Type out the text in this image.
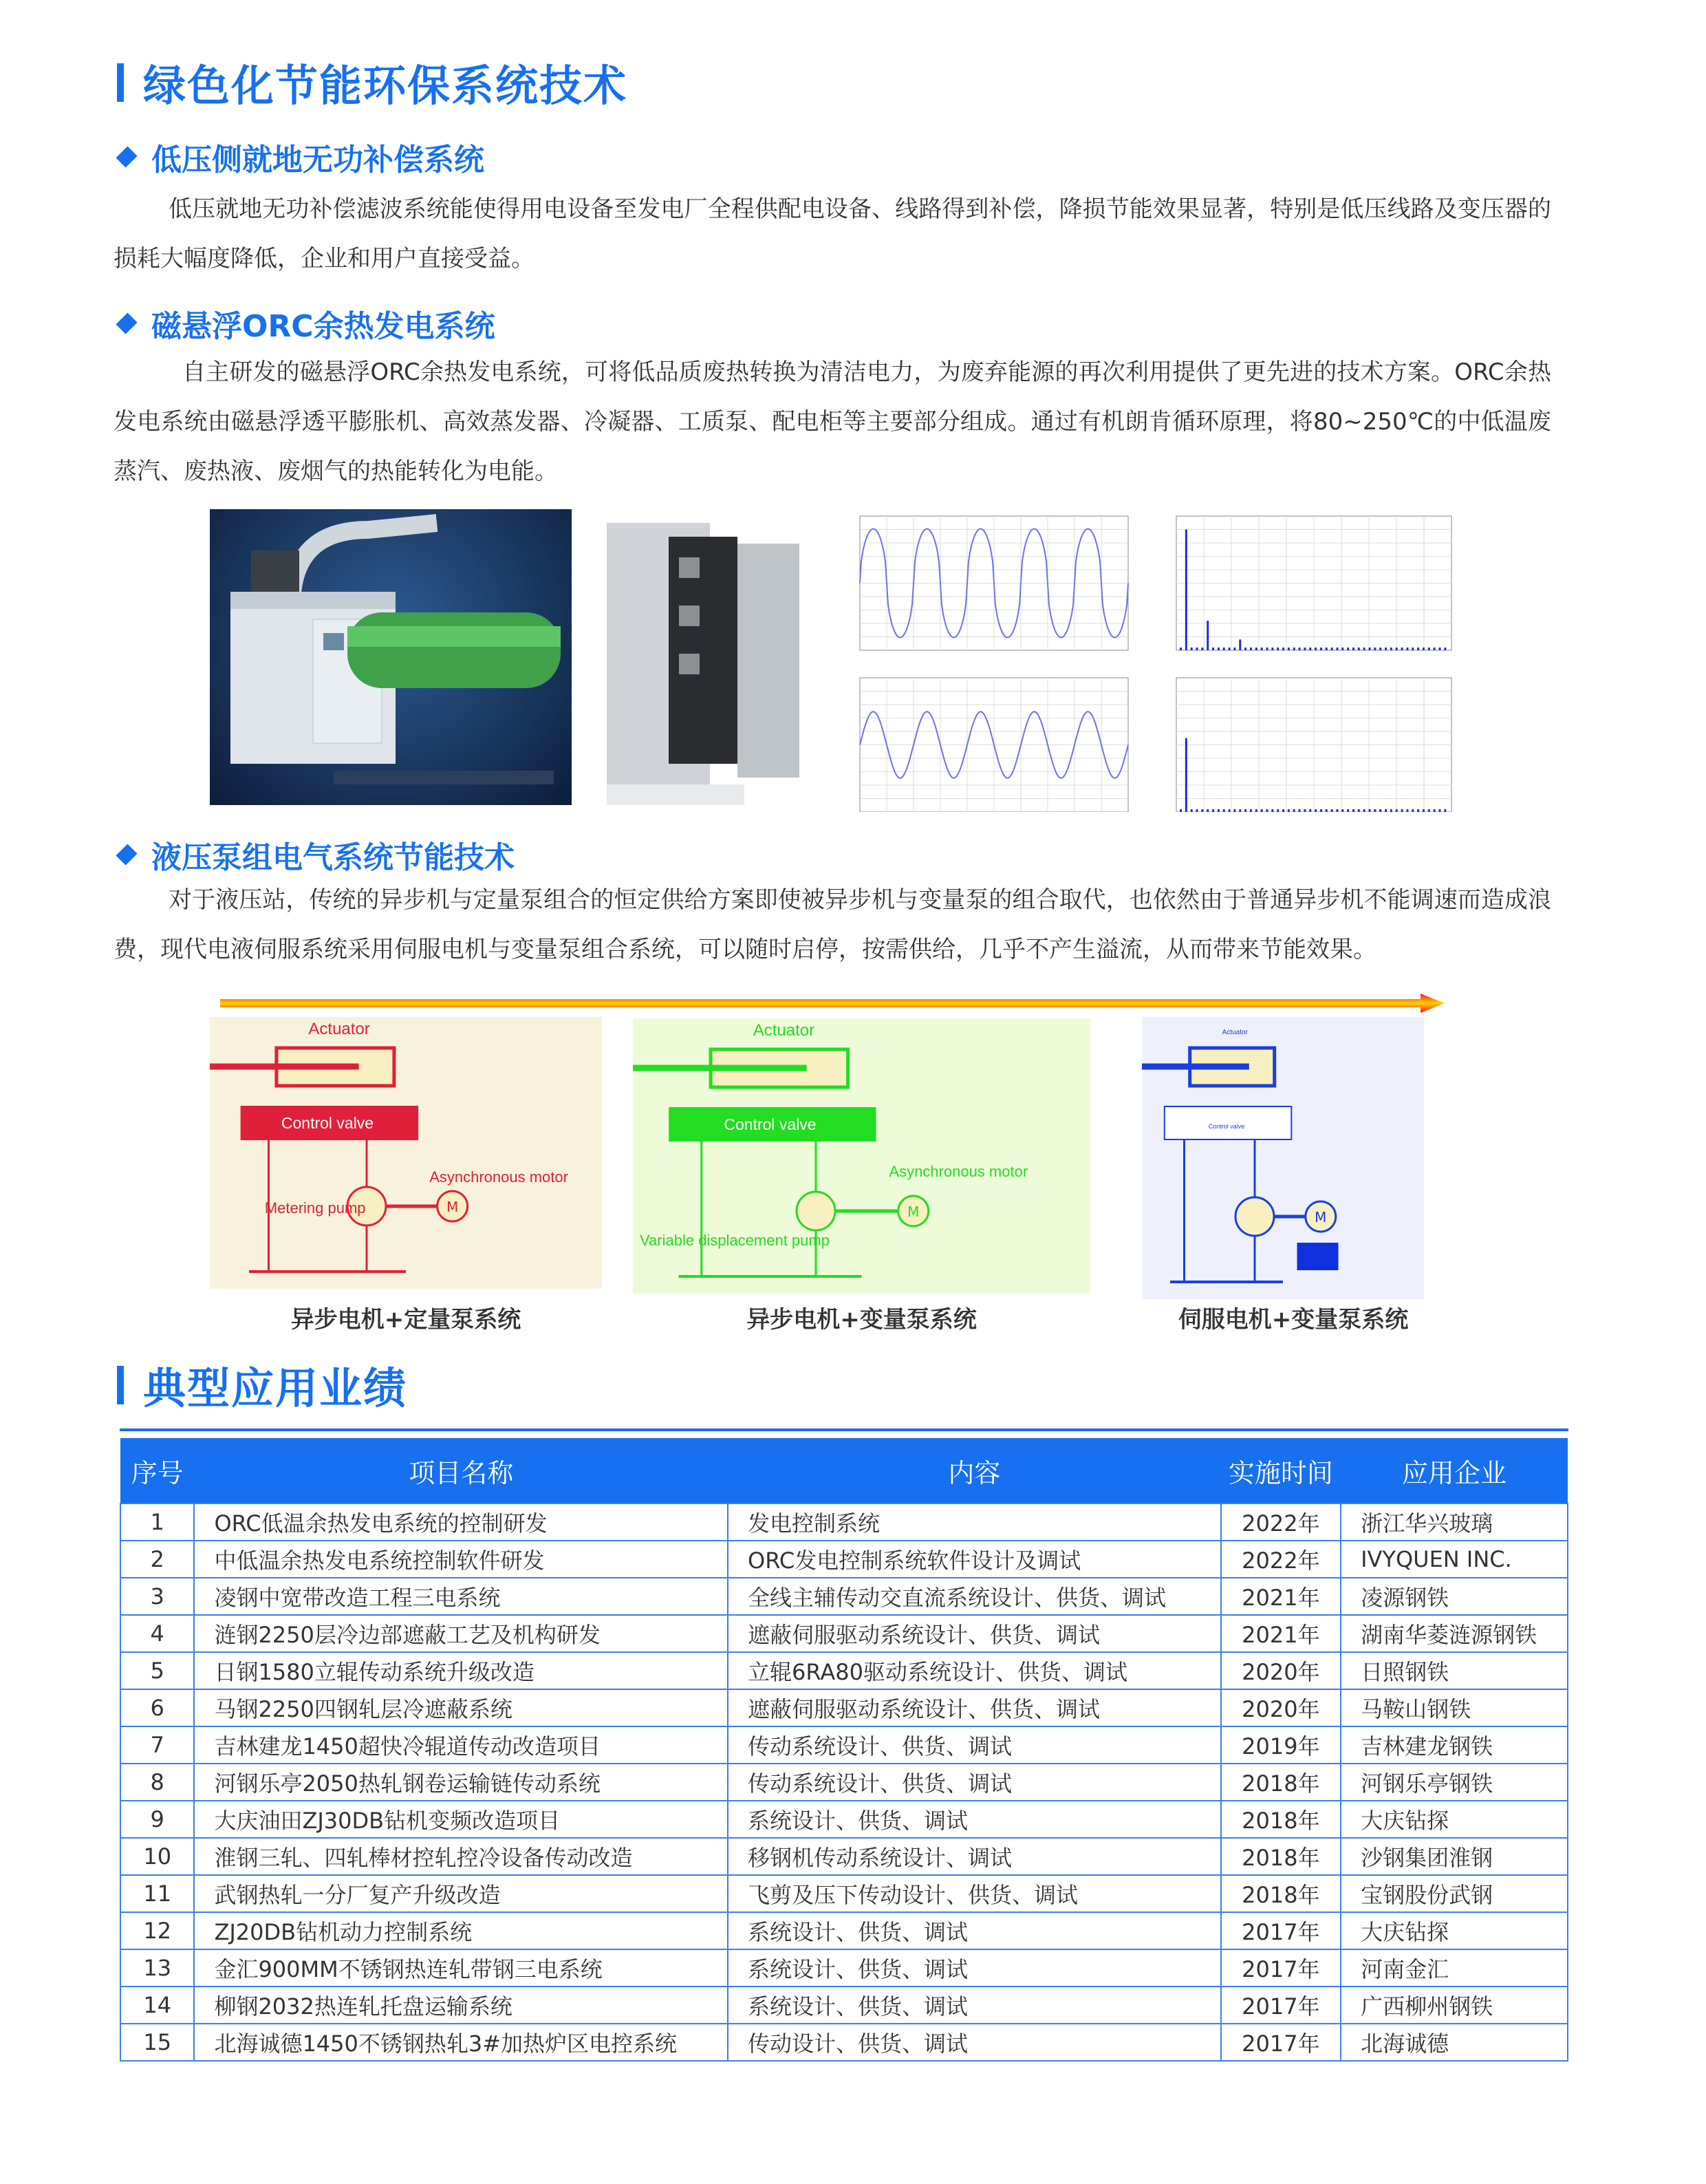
绿色化节能环保系统技术
低压侧就地无功补偿系统

低压就地无功补偿滤波系统能使得用电设备至发电厂全程供配电设备、线路得到补偿，降损节能效果显著，特别是低压线路及变压器的损耗大幅度降低，企业和用户直接受益。

磁悬浮ORC余热发电系统

自主研发的磁悬浮ORC余热发电系统，可将低品质废热转换为清洁电力，为废弃能源的再次利用提供了更先进的技术方案。ORC余热发电系统由磁悬浮透平膨胀机、高效蒸发器、冷凝器、工质泵、配电柜等主要部分组成。通过有机朗肯循环原理，将80~250℃的中低温废蒸汽、废热液、废烟气的热能转化为电能。

液压泵组电气系统节能技术

对于液压站，传统的异步机与定量泵组合的恒定供给方案即使被异步机与变量泵的组合取代，也依然由于普通异步机不能调速而造成浪费，现代电液伺服系统采用伺服电机与变量泵组合系统，可以随时启停，按需供给，几乎不产生溢流，从而带来节能效果。

Actuator
Control valve
M
Asynchronous motor
Metering pump
Actuator
Control valve
M
Asynchronous motor
Variable displacement pump
Actuator
Control valve
M
异步电机+定量泵系统	异步电机+变量泵系统	伺服电机+变量泵系统
典型应用业绩
序号	项目名称	内容	实施时间	应用企业
1	ORC低温余热发电系统的控制研发	发电控制系统	2022年	浙江华兴玻璃
2	中低温余热发电系统控制软件研发	ORC发电控制系统软件设计及调试	2022年	IVYQUEN INC.
3	凌钢中宽带改造工程三电系统	全线主辅传动交直流系统设计、供货、调试	2021年	凌源钢铁
4	涟钢2250层冷边部遮蔽工艺及机构研发	遮蔽伺服驱动系统设计、供货、调试	2021年	湖南华菱涟源钢铁
5	日钢1580立辊传动系统升级改造	立辊6RA80驱动系统设计、供货、调试	2020年	日照钢铁
6	马钢2250四钢轧层冷遮蔽系统	遮蔽伺服驱动系统设计、供货、调试	2020年	马鞍山钢铁
7	吉林建龙1450超快冷辊道传动改造项目	传动系统设计、供货、调试	2019年	吉林建龙钢铁
8	河钢乐亭2050热轧钢卷运输链传动系统	传动系统设计、供货、调试	2018年	河钢乐亭钢铁
9	大庆油田ZJ30DB钻机变频改造项目	系统设计、供货、调试	2018年	大庆钻探
10	淮钢三轧、四轧棒材控轧控冷设备传动改造	移钢机传动系统设计、调试	2018年	沙钢集团淮钢
11	武钢热轧一分厂复产升级改造	飞剪及压下传动设计、供货、调试	2018年	宝钢股份武钢
12	ZJ20DB钻机动力控制系统	系统设计、供货、调试	2017年	大庆钻探
13	金汇900MM不锈钢热连轧带钢三电系统	系统设计、供货、调试	2017年	河南金汇
14	柳钢2032热连轧托盘运输系统	系统设计、供货、调试	2017年	广西柳州钢铁
15	北海诚德1450不锈钢热轧3#加热炉区电控系统	传动设计、供货、调试	2017年	北海诚德
